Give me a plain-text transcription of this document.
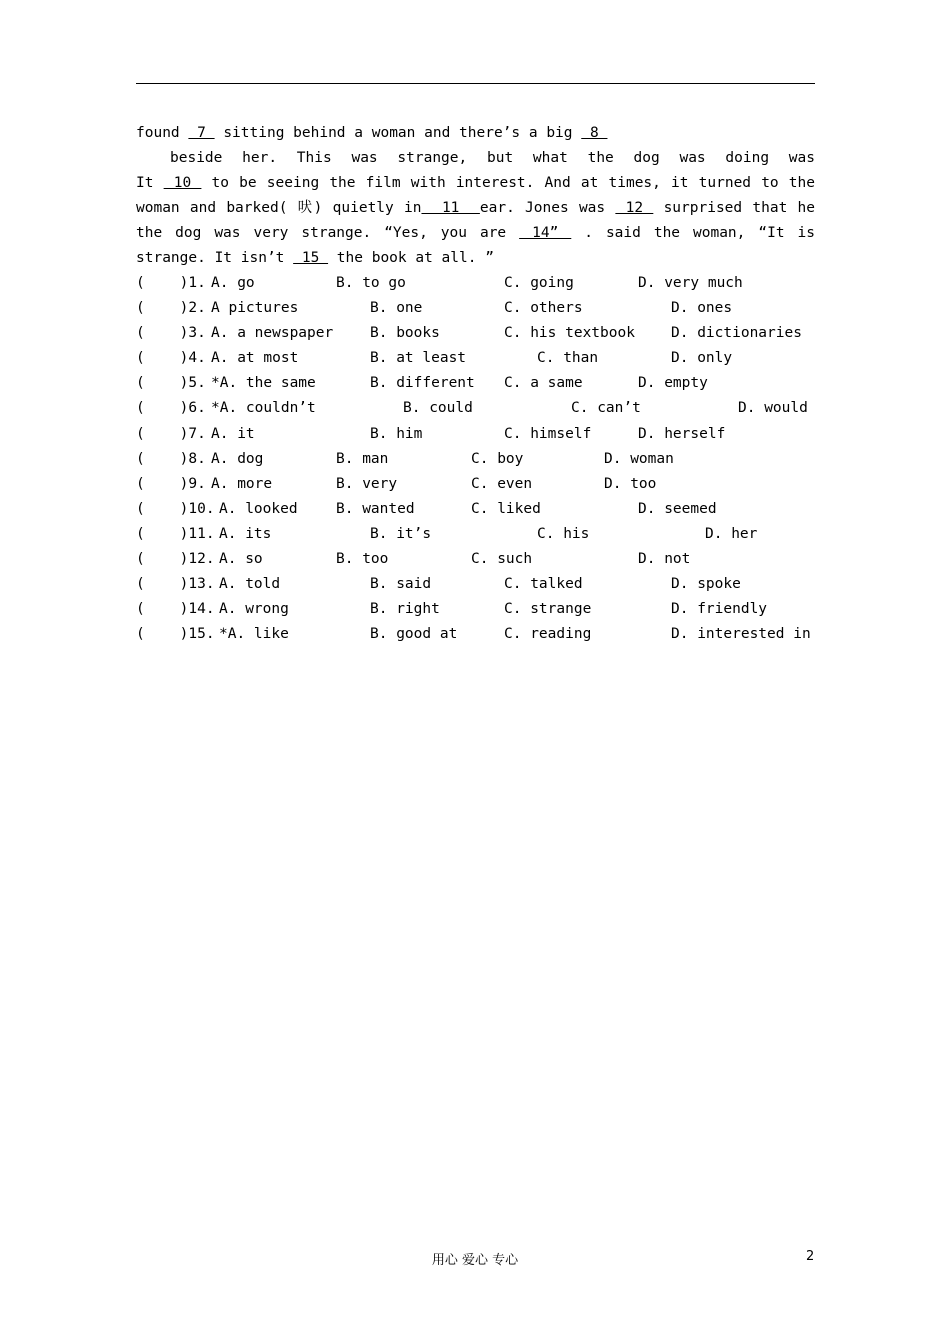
found  7  sitting behind a woman and there’s a big  8
beside her. This was strange, but what the dog was doing was
It  10  to be seeing the film with interest. And at times, it turned to the
woman and barked( 吠) quietly in  11  ear. Jones was  12  surprised that he
the dog was very strange. “Yes, you are  14”  . said the woman, “It is
strange. It isn’t  15  the book at all. ”
(    )1. A. go	B. to go	C. going	D. very much
(    )2. A pictures	B. one	C. others	D. ones
(    )3. A. a newspaper	B. books	C. his textbook D. dictionaries
(    )4. A. at most	B. at least	C. than	D. only
(    )5. *A. the same	B. different C. a same	D. empty
(    )6. *A. couldn’t	B. could	C. can’t	D. would
(    )7. A. it	B. him	C. himself	D. herself
(    )8. A. dog	B. man	C. boy	D. woman
(    )9. A. more	B. very	C. even	D. too
(    )10. A. looked	B. wanted	C. liked	D. seemed
(    )11. A. its	B. it’s	C. his	D. her
(    )12. A. so	B. too	C. such	D. not
(    )13. A. told	B. said	C. talked	D. spoke
(    )14. A. wrong	B. right	C. strange	D. friendly
(    )15. *A. like	B. good at	C. reading	D. interested in
用心 爱心 专心	2
